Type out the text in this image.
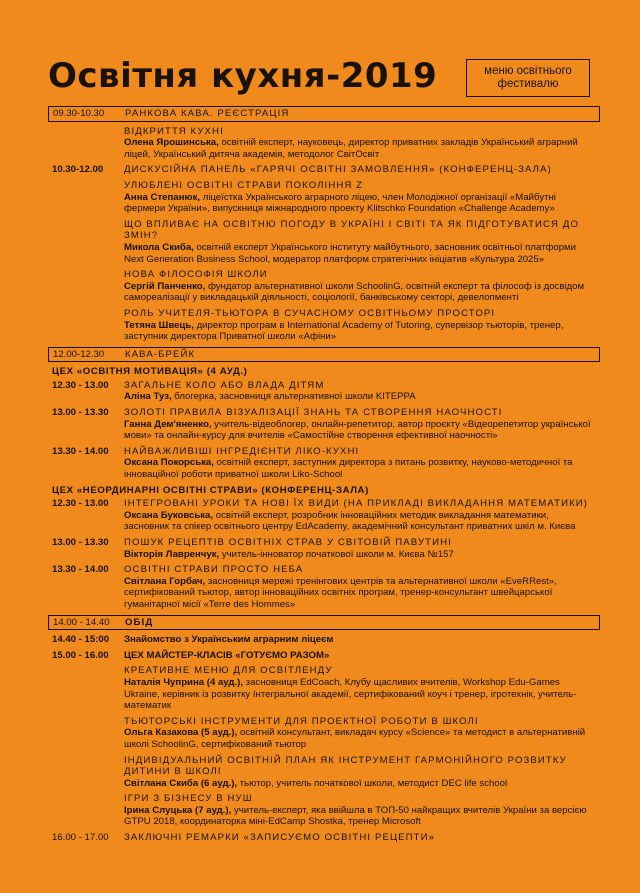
Освітня кухня-2019	меню освітнього фестивалю
09.30-10.30	РАНКОВА КАВА. РЕЄСТРАЦІЯ
ВІДКРИТТЯ КУХНІ
Олена Ярошинська, освітній експерт, науковець, директор приватних закладів Український аграрний ліцей, Український дитяча академія, методолог СвітОсвіт
10.30-12.00	ДИСКУСІЙНА ПАНЕЛЬ «ГАРЯЧІ ОСВІТНІ ЗАМОВЛЕННЯ» (КОНФЕРЕНЦ-ЗАЛА)
УЛЮБЛЕНІ ОСВІТНІ СТРАВИ ПОКОЛІННЯ Z
Анна Степанюк, ліцеїстка Українського аграрного ліцею, член Молодіжної організації «Майбутні фермери України», випускниця міжнародного проекту Klitschko Foundation «Challenge Academy»
ЩО ВПЛИВАЄ НА ОСВІТНЮ ПОГОДУ В УКРАЇНІ І СВІТІ ТА ЯК ПІДГОТУВАТИСЯ ДО ЗМІН?
Микола Скиба, освітній експерт Українського інституту майбутнього, засновник освітньої платформи Next Generation Business School, модератор платформ стратегічних ініціатив «Культура 2025»
НОВА ФІЛОСОФІЯ ШКОЛИ
Сергій Панченко, фундатор альтернативної школи SchoolinG, освітній експерт та філософ із досвідом самореалізації у викладацькій діяльності, соціології, банківському секторі, девелопменті
РОЛЬ УЧИТЕЛЯ-ТЬЮТОРА В СУЧАСНОМУ ОСВІТНЬОМУ ПРОСТОРІ
Тетяна Швець, директор програм в International Academy of Tutoring, супервізор тьюторів, тренер, заступник директора Приватної школи «Афіни»
12.00-12.30	КАВА-БРЕЙК
ЦЕХ «ОСВІТНЯ МОТИВАЦІЯ» (4 АУД.)
12.30 - 13.00	ЗАГАЛЬНЕ КОЛО АБО ВЛАДА ДІТЯМ
Аліна Туз, блогерка, засновниця альтернативної школи KITEPPA
13.00 - 13.30	ЗОЛОТІ ПРАВИЛА ВІЗУАЛІЗАЦІЇ ЗНАНЬ ТА СТВОРЕННЯ НАОЧНОСТІ
Ганна Дем'яненко, учитель-відеоблогер, онлайн-репетитор, автор проєкту «Відеорепетитор української мови» та онлайн-курсу для вчителів «Самостійне створення ефективної наочності»
13.30 - 14.00	НАЙВАЖЛИВІШІ ІНГРЕДІЄНТИ ЛІКО-КУХНІ
Оксана Покорська, освітній експерт, заступник директора з питань розвитку, науково-методичної та інноваційної роботи приватної школи Liko-School
ЦЕХ «НЕОРДИНАРНІ ОСВІТНІ СТРАВИ» (КОНФЕРЕНЦ-ЗАЛА)
12.30 - 13.00	ІНТЕГРОВАНІ УРОКИ ТА НОВІ ЇХ ВИДИ (НА ПРИКЛАДІ ВИКЛАДАННЯ МАТЕМАТИКИ)
Оксана Буковська, освітній експерт, розробник інноваційних методик викладання математики, засновник та спікер освітнього центру EdAcademy, академічний консультант приватних шкіл м. Києва
13.00 - 13.30	ПОШУК РЕЦЕПТІВ ОСВІТНІХ СТРАВ У СВІТОВІЙ ПАВУТИНІ
Вікторія Лавренчук, учитель-інноватор початкової школи м. Києва №157
13.30 - 14.00	ОСВІТНІ СТРАВИ ПРОСТО НЕБА
Світлана Горбач, засновниця мережі тренінгових центрів та альтернативної школи «EveRRest», сертифікований тьютор, автор інноваційних освітніх програм, тренер-консультант швейцарської гуманітарної місії «Terre des Hommes»
14.00 - 14.40	ОБІД
14.40 - 15:00	Знайомство з Українським аграрним ліцеєм
15.00 - 16.00	ЦЕХ МАЙСТЕР-КЛАСІВ «ГОТУЄМО РАЗОМ»
КРЕАТИВНЕ МЕНЮ ДЛЯ ОСВІТЛЕНДУ
Наталія Чуприна (4 ауд.), засновниця EdCoach, Клубу щасливих вчителів, Workshop Edu-Games Ukraine, керівник із розвитку Інтегральної академії, сертифікований коуч і тренер, ігротехнік, учитель-математик
ТЬЮТОРСЬКІ ІНСТРУМЕНТИ ДЛЯ ПРОЕКТНОЇ РОБОТИ В ШКОЛІ
Ольга Казакова (5 ауд.), освітній консультант, викладач курсу «Science» та методист в альтернативній школі SchoolinG, сертифікований тьютор
ІНДИВІДУАЛЬНИЙ ОСВІТНІЙ ПЛАН ЯК ІНСТРУМЕНТ ГАРМОНІЙНОГО РОЗВИТКУ ДИТИНИ В ШКОЛІ
Світлана Скиба (6 ауд.), тьютор, учитель початкової школи, методист DEC life school
ІГРИ З БІЗНЕСУ В НУШ
Ірина Слуцька (7 ауд.), учитель-експерт, яка ввійшла в ТОП-50 найкращих вчителів України за версією GTPU 2018, координаторка міні-EdCamp Shostka, тренер Microsoft
16.00 - 17.00	ЗАКЛЮЧНІ РЕМАРКИ «ЗАПИСУЄМО ОСВІТНІ РЕЦЕПТИ»
